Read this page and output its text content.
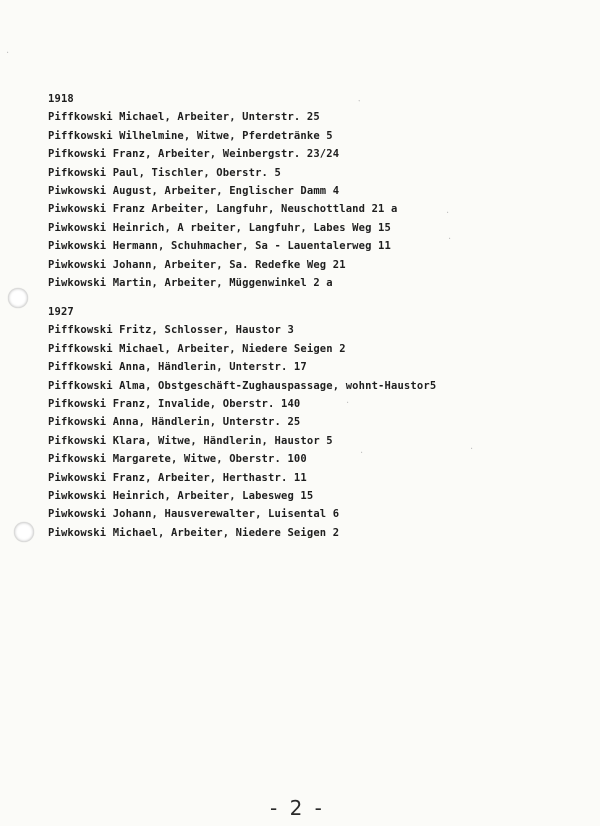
·
·
·
·	·
·
·
1918
Piffkowski Michael, Arbeiter, Unterstr. 25
Piffkowski Wilhelmine, Witwe, Pferdetränke 5
Pifkowski Franz, Arbeiter, Weinbergstr. 23/24
Pifkowski Paul, Tischler, Oberstr. 5
Piwkowski August, Arbeiter, Englischer Damm 4
Piwkowski Franz Arbeiter, Langfuhr, Neuschottland 21 a
Piwkowski Heinrich, A rbeiter, Langfuhr, Labes Weg 15
Piwkowski Hermann, Schuhmacher, Sa - Lauentalerweg 11
Piwkowski Johann, Arbeiter, Sa. Redefke Weg 21
Piwkowski Martin, Arbeiter, Müggenwinkel 2 a
1927
Piffkowski Fritz, Schlosser, Haustor 3
Piffkowski Michael, Arbeiter, Niedere Seigen 2
Piffkowski Anna, Händlerin, Unterstr. 17
Piffkowski Alma, Obstgeschäft-Zughauspassage, wohnt-Haustor5
Pifkowski Franz, Invalide, Oberstr. 140
Pifkowski Anna, Händlerin, Unterstr. 25
Pifkowski Klara, Witwe, Händlerin, Haustor 5
Pifkowski Margarete, Witwe, Oberstr. 100
Piwkowski Franz, Arbeiter, Herthastr. 11
Piwkowski Heinrich, Arbeiter, Labesweg 15
Piwkowski Johann, Hausverewalter, Luisental 6
Piwkowski Michael, Arbeiter, Niedere Seigen 2
- 2 -
